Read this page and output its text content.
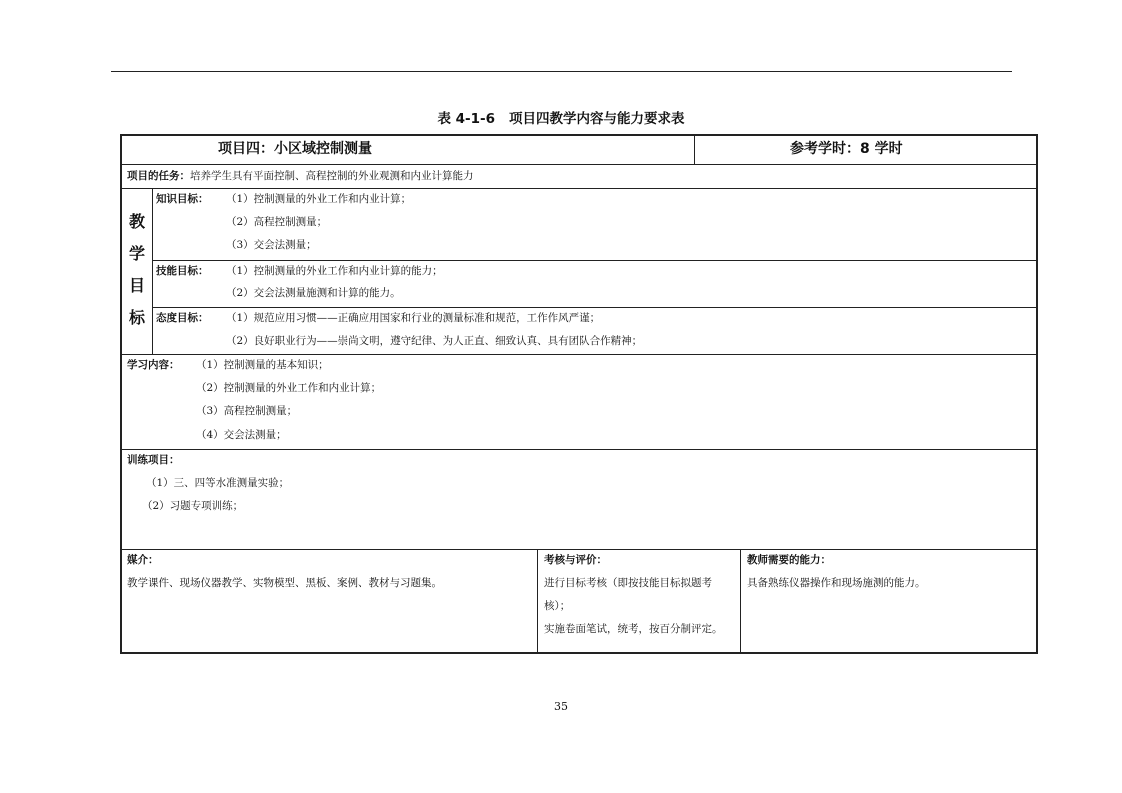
表 4-1-6 项目四教学内容与能力要求表
项目四：小区域控制测量	参考学时：8 学时
项目的任务：培养学生具有平面控制、高程控制的外业观测和内业计算能力
教
学
目
标
知识目标： （1）控制测量的外业工作和内业计算；
（2）高程控制测量；
（3）交会法测量；
技能目标： （1）控制测量的外业工作和内业计算的能力；
（2）交会法测量施测和计算的能力。
态度目标： （1）规范应用习惯——正确应用国家和行业的测量标准和规范，工作作风严谨；
（2）良好职业行为——崇尚文明，遵守纪律、为人正直、细致认真、具有团队合作精神；
学习内容： （1）控制测量的基本知识；
（2）控制测量的外业工作和内业计算；
（3）高程控制测量；
（4）交会法测量；
训练项目：
（1）三、四等水准测量实验；
（2）习题专项训练；
媒介：
教学课件、现场仪器教学、实物模型、黑板、案例、教材与习题集。
考核与评价：
进行目标考核（即按技能目标拟题考
核）；
实施卷面笔试，统考，按百分制评定。
教师需要的能力：
具备熟练仪器操作和现场施测的能力。
35
